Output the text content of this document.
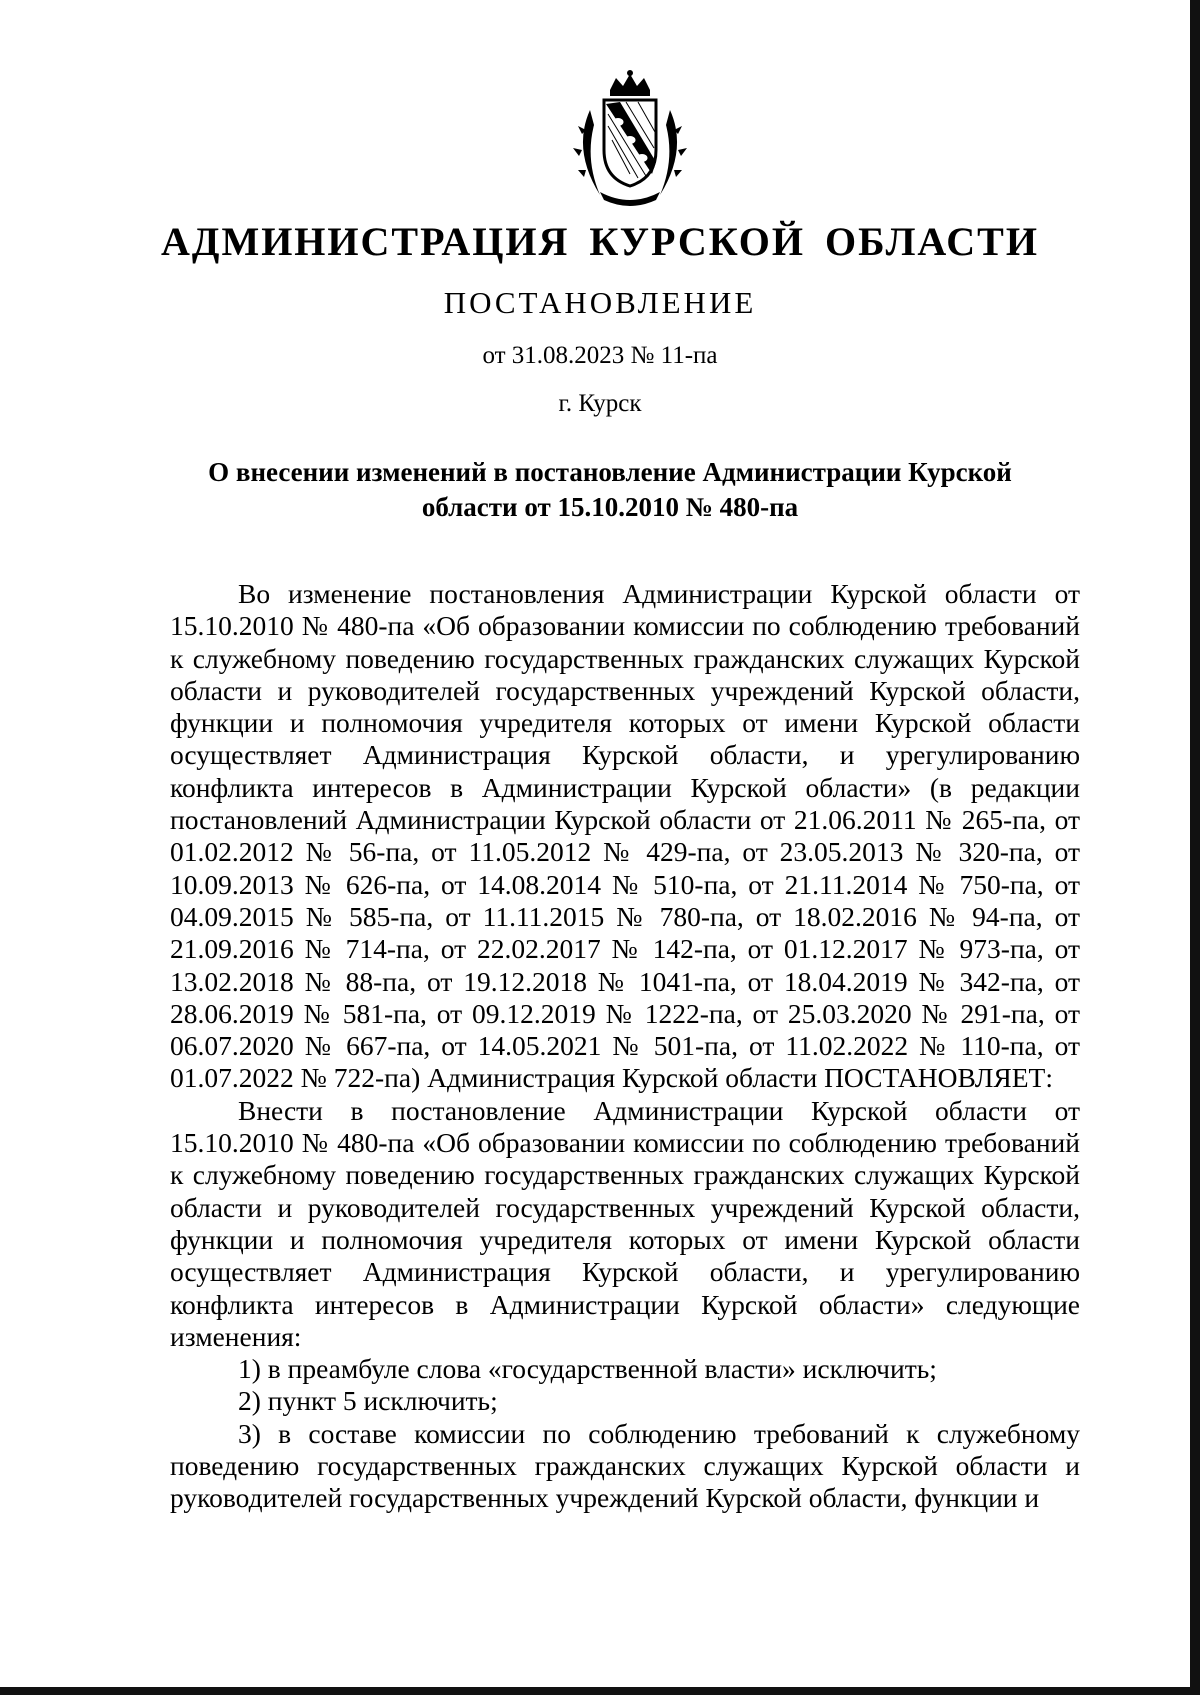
АДМИНИСТРАЦИЯ КУРСКОЙ ОБЛАСТИ
ПОСТАНОВЛЕНИЕ
от 31.08.2023 № 11-па
г. Курск
О внесении изменений в постановление Администрации Курской
области от 15.10.2010 № 480-па

Во изменение постановления Администрации Курской области от 15.10.2010 № 480-па «Об образовании комиссии по соблюдению требований к служебному поведению государственных гражданских служащих Курской области и руководителей государственных учреждений Курской области, функции и полномочия учредителя которых от имени Курской области осуществляет Администрация Курской области, и урегулированию конфликта интересов в Администрации Курской области» (в редакции постановлений Администрации Курской области от 21.06.2011 № 265-па, от 01.02.2012 № 56-па, от 11.05.2012 № 429-па, от 23.05.2013 № 320-па, от 10.09.2013 № 626-па, от 14.08.2014 № 510-па, от 21.11.2014 № 750-па, от 04.09.2015 № 585-па, от 11.11.2015 № 780-па, от 18.02.2016 № 94-па, от 21.09.2016 № 714-па, от 22.02.2017 № 142-па, от 01.12.2017 № 973-па, от 13.02.2018 № 88-па, от 19.12.2018 № 1041-па, от 18.04.2019 № 342-па, от 28.06.2019 № 581-па, от 09.12.2019 № 1222-па, от 25.03.2020 № 291-па, от 06.07.2020 № 667-па, от 14.05.2021 № 501-па, от 11.02.2022 № 110-па, от 01.07.2022 № 722-па) Администрация Курской области ПОСТАНОВЛЯЕТ:

Внести в постановление Администрации Курской области от 15.10.2010 № 480-па «Об образовании комиссии по соблюдению требований к служебному поведению государственных гражданских служащих Курской области и руководителей государственных учреждений Курской области, функции и полномочия учредителя которых от имени Курской области осуществляет Администрация Курской области, и урегулированию конфликта интересов в Администрации Курской области» следующие изменения:

1) в преамбуле слова «государственной власти» исключить;

2) пункт 5 исключить;

3) в составе комиссии по соблюдению требований к служебному поведению государственных гражданских служащих Курской области и руководителей государственных учреждений Курской области, функции и
